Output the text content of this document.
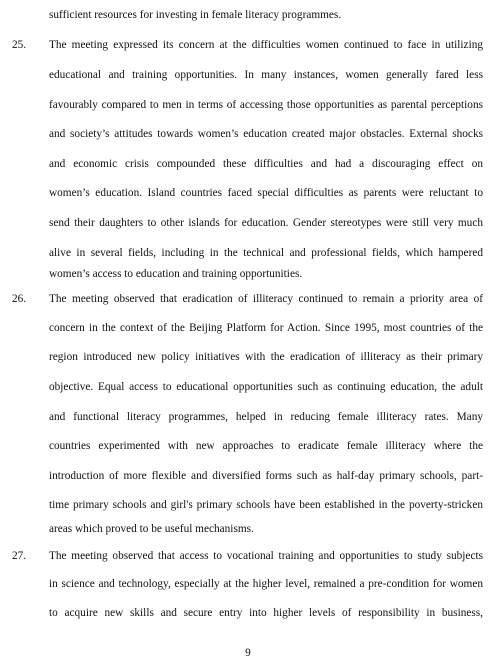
sufficient resources for investing in female literacy programmes.
25. The meeting expressed its concern at the difficulties women continued to face in utilizing
educational and training opportunities. In many instances, women generally fared less
favourably compared to men in terms of accessing those opportunities as parental perceptions
and society’s attitudes towards women’s education created major obstacles. External shocks
and economic crisis compounded these difficulties and had a discouraging effect on
women’s education. Island countries faced special difficulties as parents were reluctant to
send their daughters to other islands for education. Gender stereotypes were still very much
alive in several fields, including in the technical and professional fields, which hampered
women’s access to education and training opportunities.
26. The meeting observed that eradication of illiteracy continued to remain a priority area of
concern in the context of the Beijing Platform for Action. Since 1995, most countries of the
region introduced new policy initiatives with the eradication of illiteracy as their primary
objective. Equal access to educational opportunities such as continuing education, the adult
and functional literacy programmes, helped in reducing female illiteracy rates. Many
countries experimented with new approaches to eradicate female illiteracy where the
introduction of more flexible and diversified forms such as half-day primary schools, part-
time primary schools and girl's primary schools have been established in the poverty-stricken
areas which proved to be useful mechanisms.
27. The meeting observed that access to vocational training and opportunities to study subjects
in science and technology, especially at the higher level, remained a pre-condition for women
to acquire new skills and secure entry into higher levels of responsibility in business,
9
